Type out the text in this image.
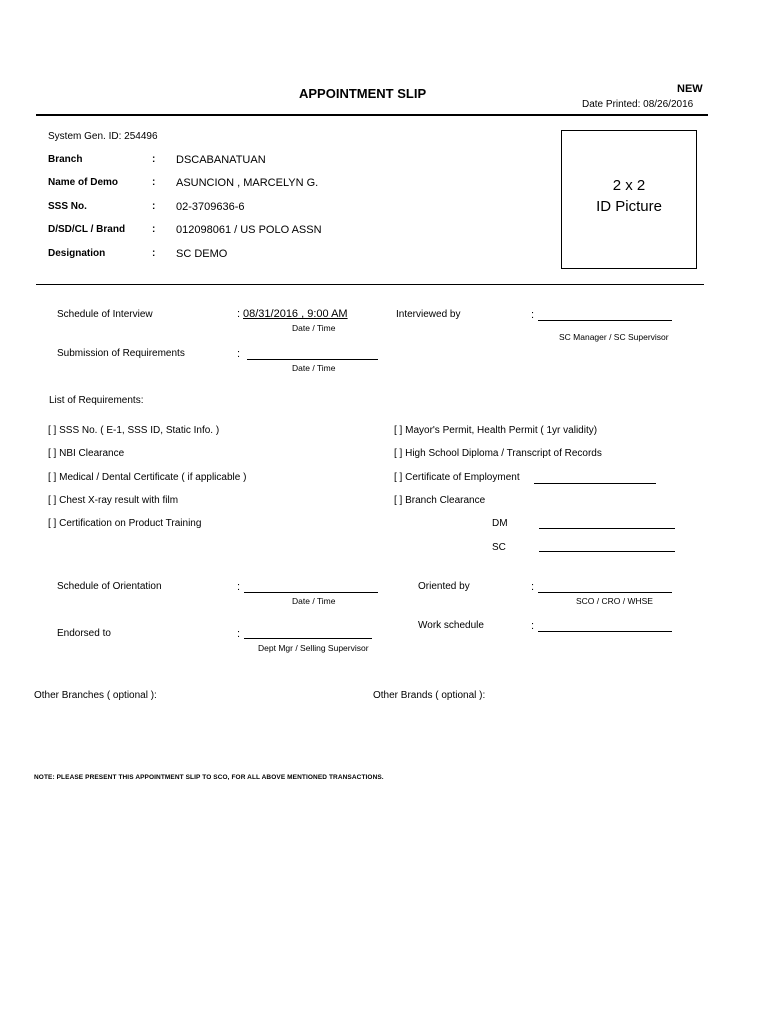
APPOINTMENT SLIP	NEW
Date Printed: 08/26/2016
System Gen. ID: 254496
Branch	: DSCABANATUAN
Name of Demo	: ASUNCION , MARCELYN G.
SSS No.	: 02-3709636-6
D/SD/CL / Brand	: 012098061 / US POLO ASSN
Designation	: SC DEMO
2 x 2
ID Picture
Schedule of Interview	: 08/31/2016 , 9:00 AM
Date / Time
Interviewed by	:
SC Manager / SC Supervisor
Submission of Requirements	:
Date / Time
List of Requirements:
[ ] SSS No. ( E-1, SSS ID, Static Info. )
[ ] NBI Clearance
[ ] Medical / Dental Certificate ( if applicable )
[ ] Chest X-ray result with film
[ ] Certification on Product Training
[ ] Mayor's Permit, Health Permit ( 1yr validity)
[ ] High School Diploma / Transcript of Records
[ ] Certificate of Employment
[ ] Branch Clearance
DM
SC
Schedule of Orientation	:
Date / Time
Oriented by	:
SCO / CRO / WHSE
Endorsed to	:
Dept Mgr / Selling Supervisor
Work schedule	:
Other Branches ( optional ):	Other Brands ( optional ):
NOTE: PLEASE PRESENT THIS APPOINTMENT SLIP TO SCO, FOR ALL ABOVE MENTIONED TRANSACTIONS.
